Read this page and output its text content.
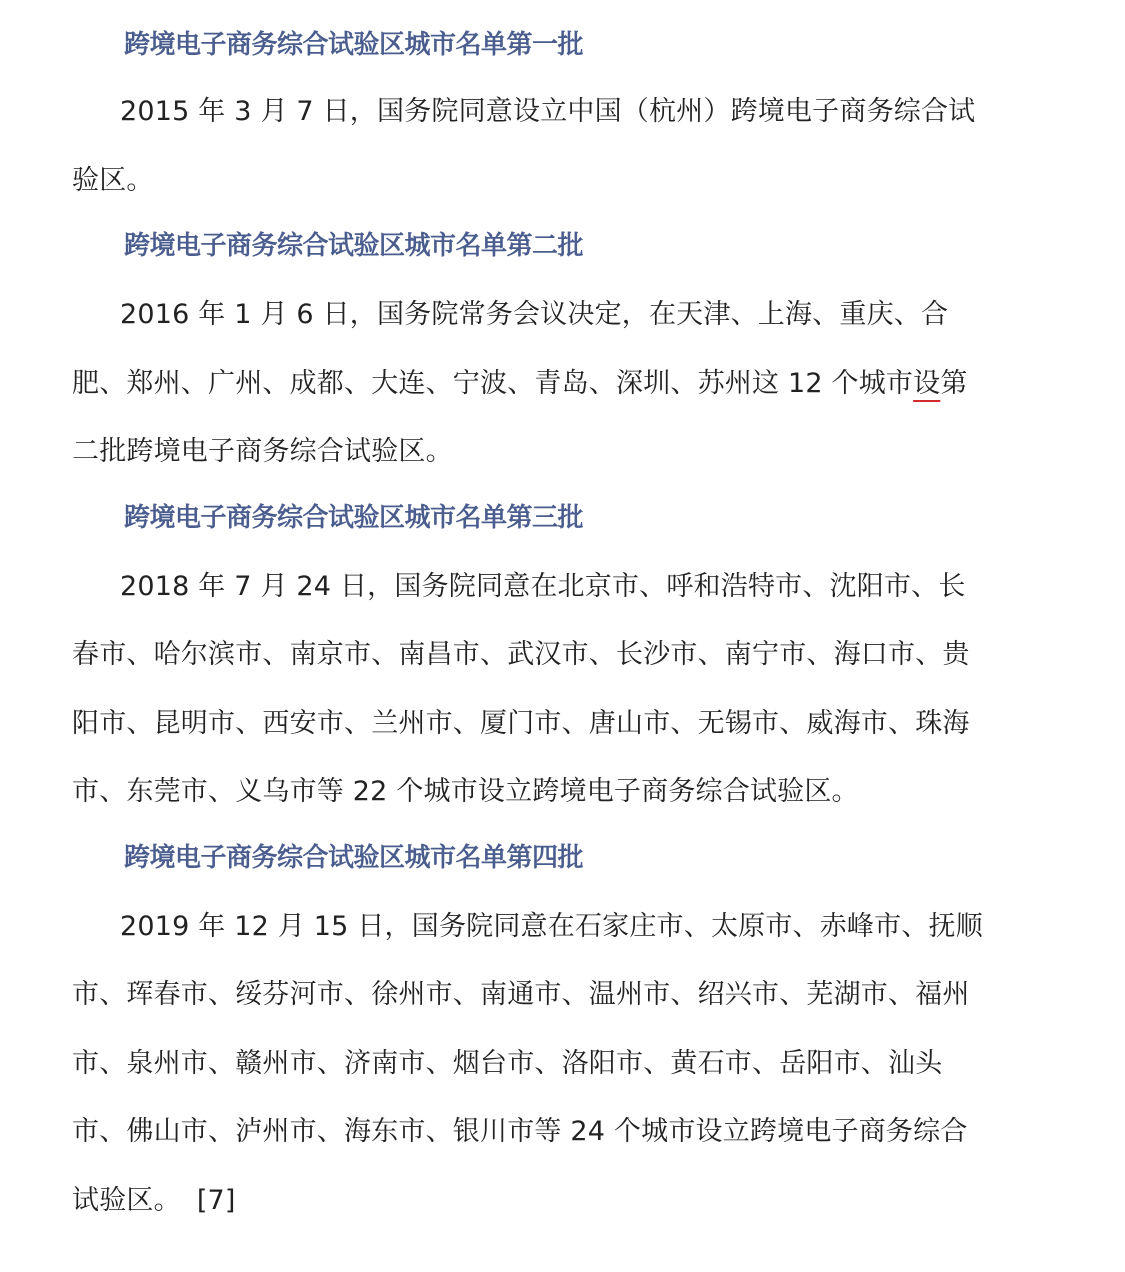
跨境电子商务综合试验区城市名单第一批

2015 年 3 月 7 日，国务院同意设立中国（杭州）跨境电子商务综合试验区。

跨境电子商务综合试验区城市名单第二批

2016 年 1 月 6 日，国务院常务会议决定，在天津、上海、重庆、合肥、郑州、广州、成都、大连、宁波、青岛、深圳、苏州这 12 个城市设第二批跨境电子商务综合试验区。

跨境电子商务综合试验区城市名单第三批

2018 年 7 月 24 日，国务院同意在北京市、呼和浩特市、沈阳市、长春市、哈尔滨市、南京市、南昌市、武汉市、长沙市、南宁市、海口市、贵阳市、昆明市、西安市、兰州市、厦门市、唐山市、无锡市、威海市、珠海市、东莞市、义乌市等 22 个城市设立跨境电子商务综合试验区。

跨境电子商务综合试验区城市名单第四批

2019 年 12 月 15 日，国务院同意在石家庄市、太原市、赤峰市、抚顺市、珲春市、绥芬河市、徐州市、南通市、温州市、绍兴市、芜湖市、福州市、泉州市、赣州市、济南市、烟台市、洛阳市、黄石市、岳阳市、汕头市、佛山市、泸州市、海东市、银川市等 24 个城市设立跨境电子商务综合试验区。 [7]
